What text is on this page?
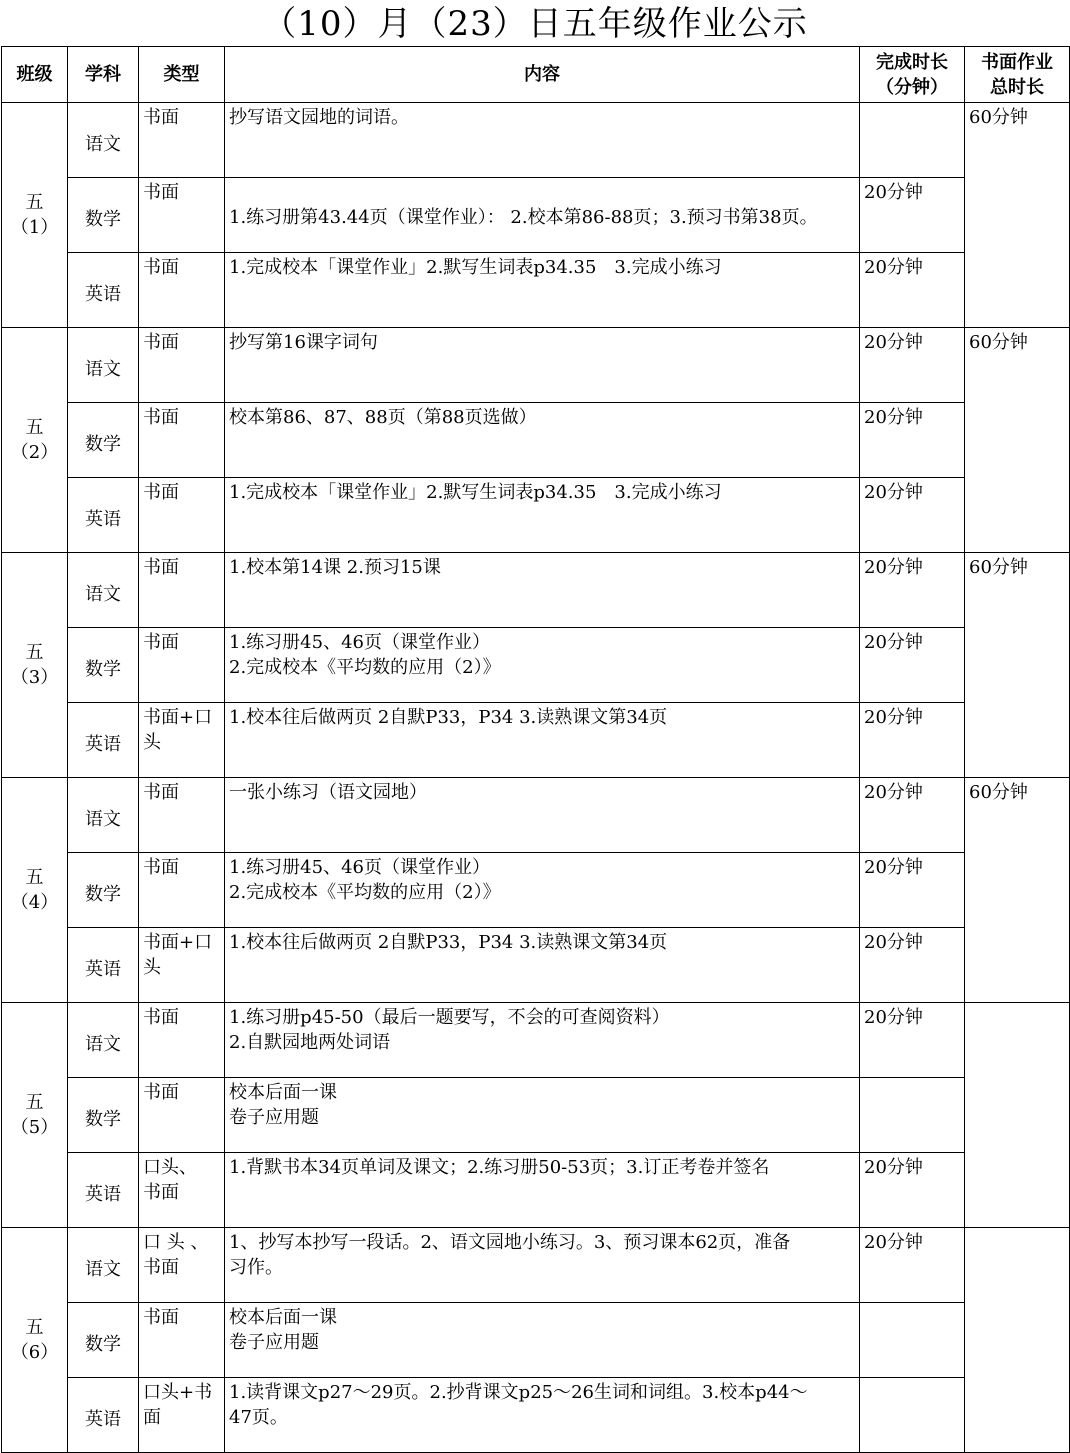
（10）月（23）日五年级作业公示
班级	学科	类型	内容	完成时长
（分钟）	书面作业
总时长

五
（1）	语文	书面	抄写语文园地的词语。		60分钟
	数学	书面	1.练习册第43.44页（课堂作业）： 2.校本第86-88页；3.预习书第38页。	20分钟	
	英语	书面	1.完成校本「课堂作业」2.默写生词表p34.35　3.完成小练习	20分钟	

五
（2）	语文	书面	抄写第16课字词句	20分钟	60分钟
	数学	书面	校本第86、87、88页（第88页选做）	20分钟	
	英语	书面	1.完成校本「课堂作业」2.默写生词表p34.35　3.完成小练习	20分钟	

五
（3）	语文	书面	1.校本第14课 2.预习15课	20分钟	60分钟
	数学	书面	1.练习册45、46页（课堂作业）
2.完成校本《平均数的应用（2）》	20分钟	
	英语	书面+口
头	1.校本往后做两页 2自默P33，P34 3.读熟课文第34页	20分钟	

五
（4）	语文	书面	一张小练习（语文园地）	20分钟	60分钟
	数学	书面	1.练习册45、46页（课堂作业）
2.完成校本《平均数的应用（2）》	20分钟	
	英语	书面+口
头	1.校本往后做两页 2自默P33，P34 3.读熟课文第34页	20分钟	

五
（5）	语文	书面	1.练习册p45-50（最后一题要写，不会的可查阅资料）
2.自默园地两处词语	20分钟	
	数学	书面	校本后面一课
卷子应用题		

	英语	口头、
书面	1.背默书本34页单词及课文；2.练习册50-53页；3.订正考卷并签名	20分钟	

五
（6）	语文	口 头 、
书面	1、抄写本抄写一段话。2、语文园地小练习。3、预习课本62页，准备
习作。	20分钟	
	数学	书面	校本后面一课
卷子应用题		

	英语	口头+书
面	1.读背课文p27～29页。2.抄背课文p25～26生词和词组。3.校本p44～
47页。		
